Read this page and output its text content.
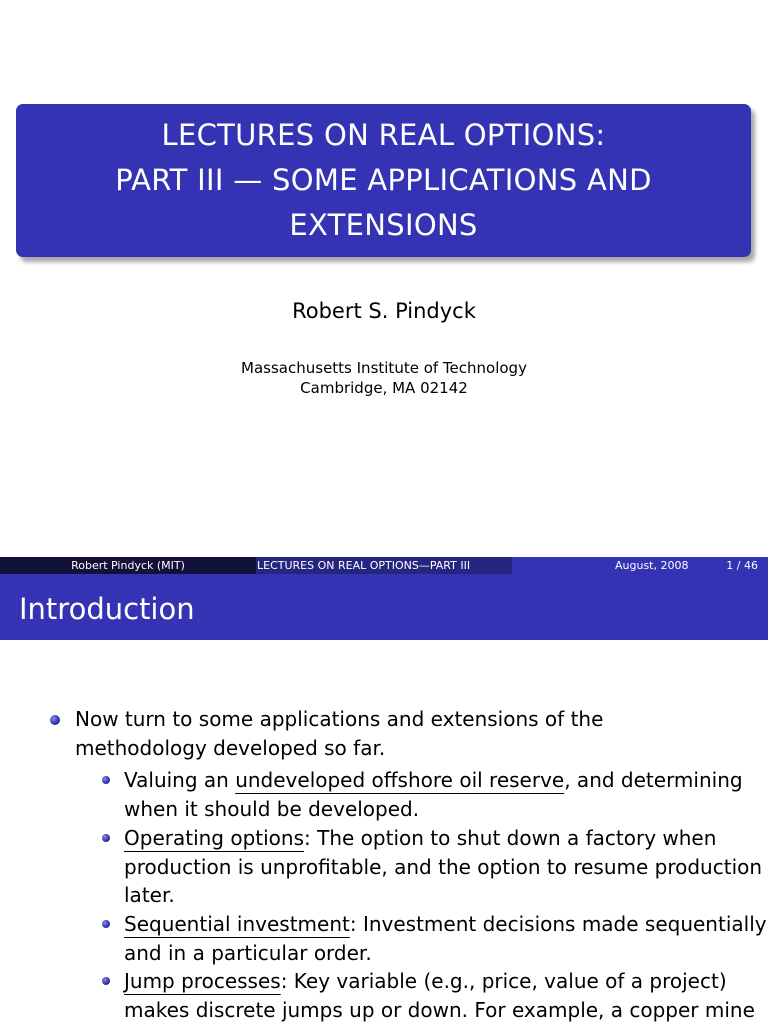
LECTURES ON REAL OPTIONS:
PART III — SOME APPLICATIONS AND
EXTENSIONS
Robert S. Pindyck
Massachusetts Institute of Technology
Cambridge, MA 02142
Robert Pindyck (MIT)	LECTURES ON REAL OPTIONS—PART III	August, 2008	1 / 46
Introduction
Now turn to some applications and extensions of the
methodology developed so far.
Valuing an undeveloped offshore oil reserve, and determining
when it should be developed.
Operating options: The option to shut down a factory when
production is unprofitable, and the option to resume production
later.
Sequential investment: Investment decisions made sequentially
and in a particular order.
Jump processes: Key variable (e.g., price, value of a project)
makes discrete jumps up or down. For example, a copper mine
